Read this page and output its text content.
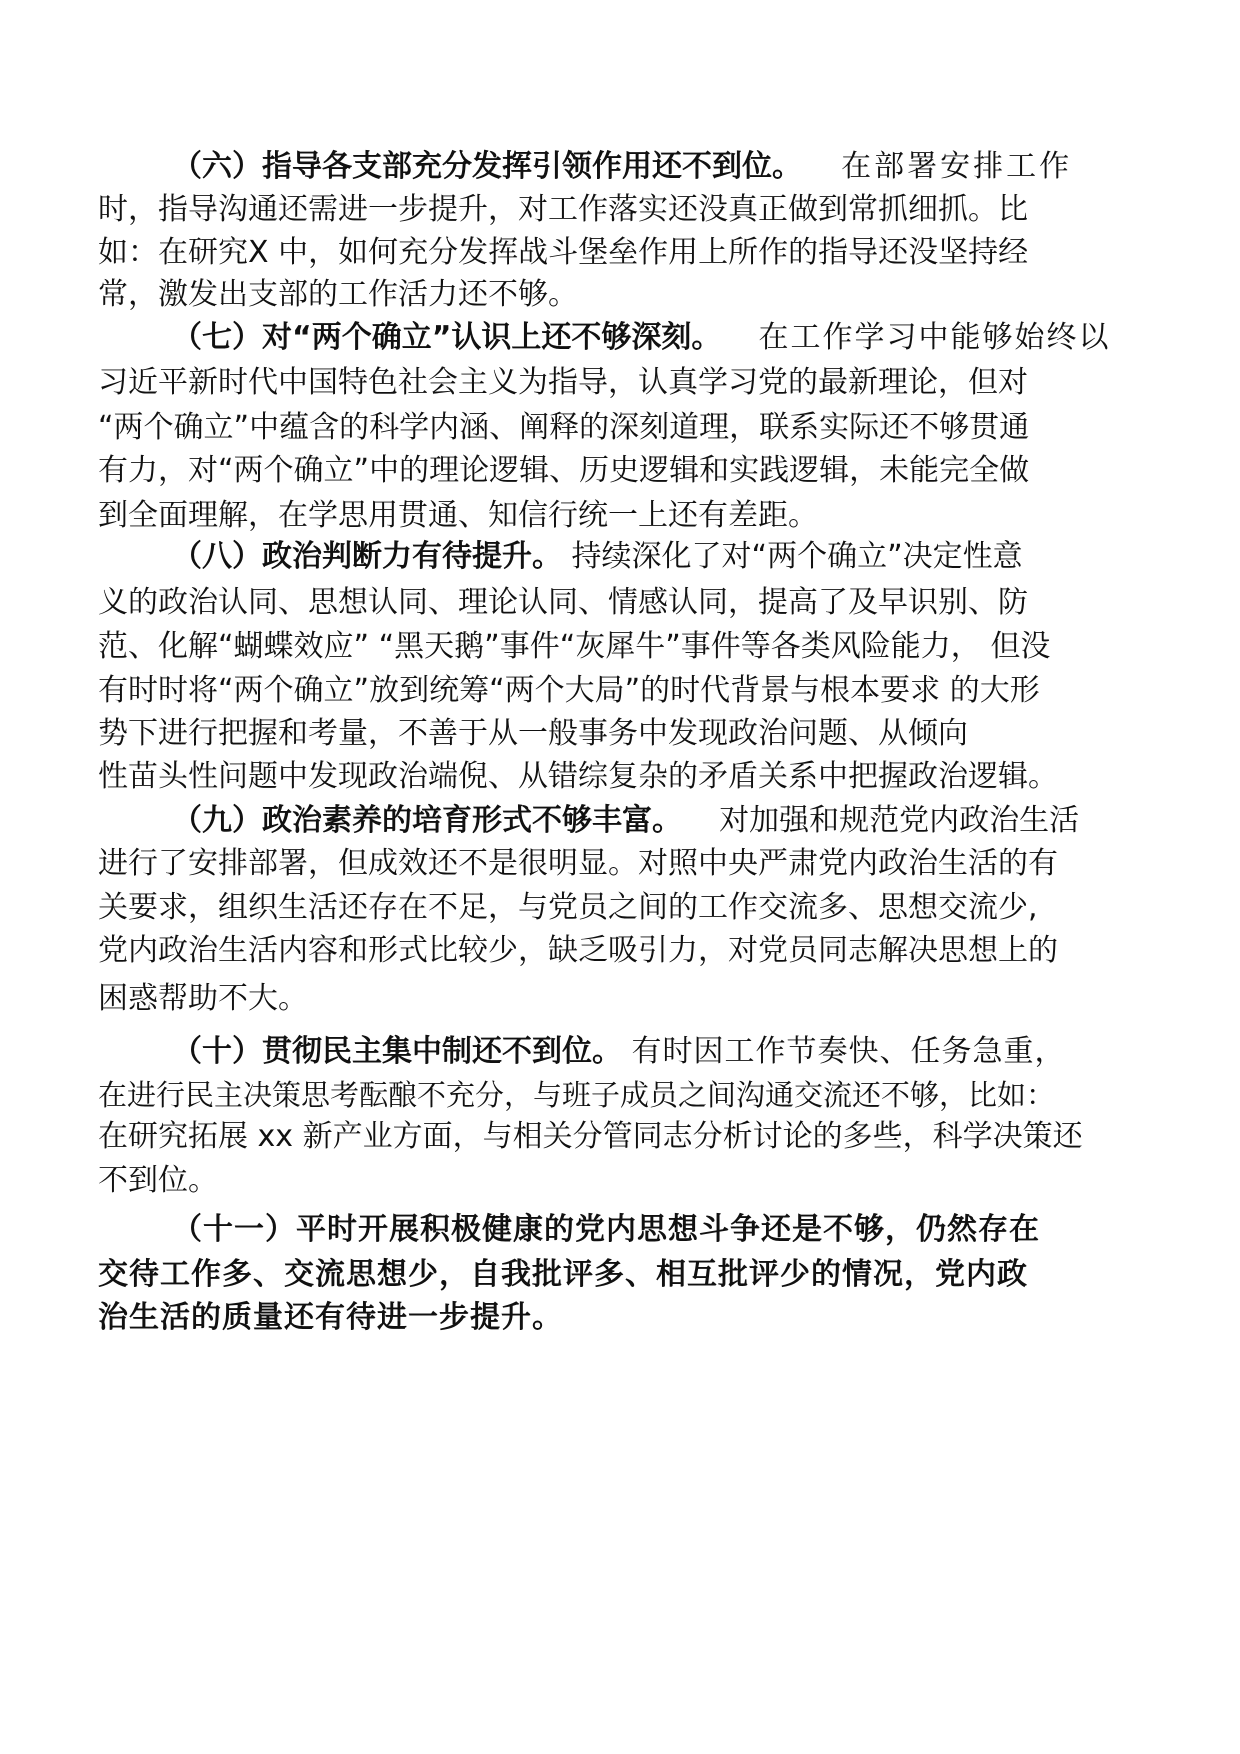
（六）指导各支部充分发挥引领作用还不到位。 在部署安排工作
时，指导沟通还需进一步提升，对工作落实还没真正做到常抓细抓。比
如：在研究X 中，如何充分发挥战斗堡垒作用上所作的指导还没坚持经
常，激发出支部的工作活力还不够。
（七）对“两个确立”认识上还不够深刻。 在工作学习中能够始终以
习近平新时代中国特色社会主义为指导，认真学习党的最新理论，但对
“两个确立”中蕴含的科学内涵、阐释的深刻道理，联系实际还不够贯通
有力，对“两个确立”中的理论逻辑、历史逻辑和实践逻辑，未能完全做
到全面理解，在学思用贯通、知信行统一上还有差距。
（八）政治判断力有待提升。 持续深化了对“两个确立”决定性意
义的政治认同、思想认同、理论认同、情感认同，提高了及早识别、防
范、化解“蝴蝶效应” “黑天鹅”事件“灰犀牛”事件等各类风险能力， 但没
有时时将“两个确立”放到统筹“两个大局”的时代背景与根本要求 的大形
势下进行把握和考量，不善于从一般事务中发现政治问题、从倾向
性苗头性问题中发现政治端倪、从错综复杂的矛盾关系中把握政治逻辑。
（九）政治素养的培育形式不够丰富。 对加强和规范党内政治生活
进行了安排部署，但成效还不是很明显。对照中央严肃党内政治生活的有
关要求，组织生活还存在不足，与党员之间的工作交流多、思想交流少,
党内政治生活内容和形式比较少，缺乏吸引力，对党员同志解决思想上的
困惑帮助不大。
（十）贯彻民主集中制还不到位。 有时因工作节奏快、任务急重，
在进行民主决策思考酝酿不充分，与班子成员之间沟通交流还不够，比如：
在研究拓展 xx 新产业方面，与相关分管同志分析讨论的多些，科学决策还
不到位。
（十一）平时开展积极健康的党内思想斗争还是不够，仍然存在
交待工作多、交流思想少，自我批评多、相互批评少的情况，党内政
治生活的质量还有待进一步提升。
